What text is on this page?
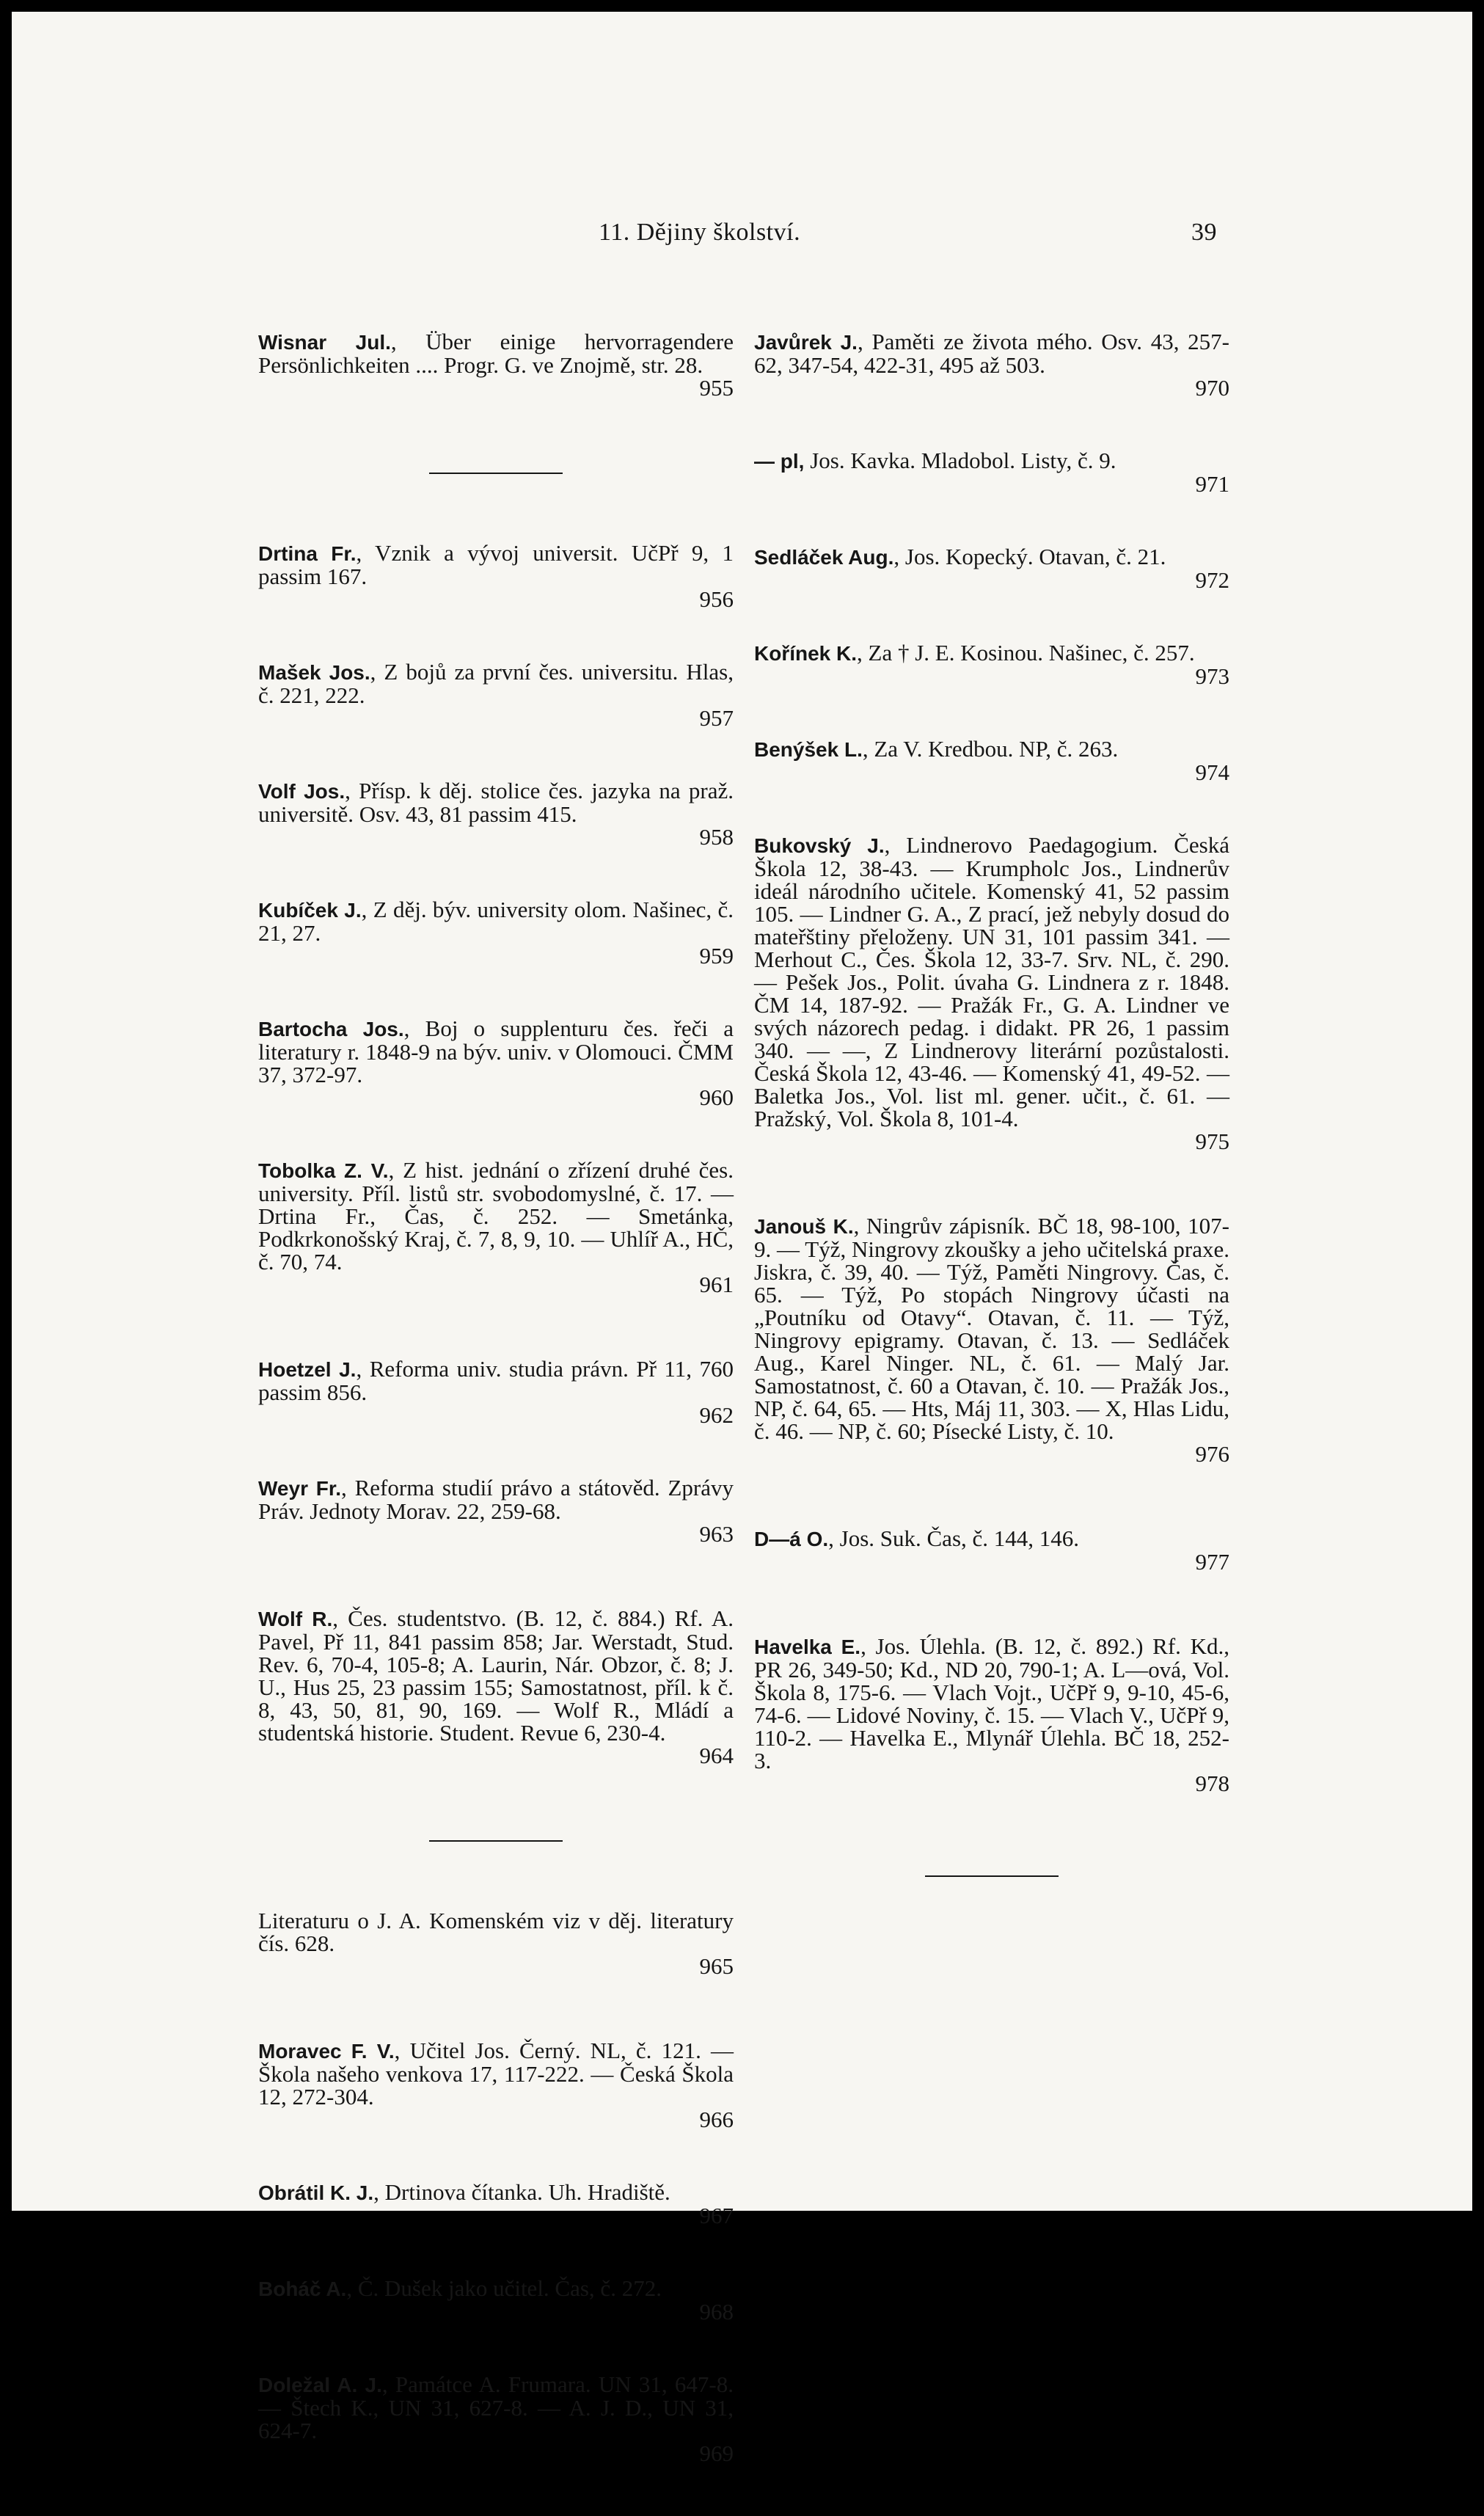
11. Dějiny školství.	39

Wisnar Jul., Über einige hervorragendere Persönlichkeiten .... Progr. G. ve Znojmě, str. 28.
955

Drtina Fr., Vznik a vývoj universit. UčPř 9, 1 passim 167.
956

Mašek Jos., Z bojů za první čes. universitu. Hlas, č. 221, 222.
957

Volf Jos., Přísp. k děj. stolice čes. jazyka na praž. universitě. Osv. 43, 81 passim 415.
958

Kubíček J., Z děj. býv. university olom. Našinec, č. 21, 27.
959

Bartocha Jos., Boj o supplenturu čes. řeči a literatury r. 1848-9 na býv. univ. v Olomouci. ČMM 37, 372-97.
960

Tobolka Z. V., Z hist. jednání o zřízení druhé čes. university. Příl. listů str. svobodomyslné, č. 17. — Drtina Fr., Čas, č. 252. — Smetánka, Podkrkonošský Kraj, č. 7, 8, 9, 10. — Uhlíř A., HČ, č. 70, 74.
961

Hoetzel J., Reforma univ. studia právn. Př 11, 760 passim 856.
962

Weyr Fr., Reforma studií právo a státověd. Zprávy Práv. Jednoty Morav. 22, 259-68.
963

Wolf R., Čes. studentstvo. (B. 12, č. 884.) Rf. A. Pavel, Př 11, 841 passim 858; Jar. Werstadt, Stud. Rev. 6, 70-4, 105-8; A. Laurin, Nár. Obzor, č. 8; J. U., Hus 25, 23 passim 155; Samostatnost, příl. k č. 8, 43, 50, 81, 90, 169. — Wolf R., Mládí a studentská historie. Student. Revue 6, 230-4.
964

Literaturu o J. A. Komenském viz v děj. literatury čís. 628.
965

Moravec F. V., Učitel Jos. Černý. NL, č. 121. — Škola našeho venkova 17, 117-222. — Česká Škola 12, 272-304.
966

Obrátil K. J., Drtinova čítanka. Uh. Hradiště.
967

Boháč A., Č. Dušek jako učitel. Čas, č. 272.
968

Doležal A. J., Památce A. Frumara. UN 31, 647-8. — Štech K., UN 31, 627-8. — A. J. D., UN 31, 624-7.
969

Javůrek J., Paměti ze života mého. Osv. 43, 257-62, 347-54, 422-31, 495 až 503.
970

— pl, Jos. Kavka. Mladobol. Listy, č. 9.
971

Sedláček Aug., Jos. Kopecký. Otavan, č. 21.
972

Kořínek K., Za † J. E. Kosinou. Našinec, č. 257.
973

Benýšek L., Za V. Kredbou. NP, č. 263.
974

Bukovský J., Lindnerovo Paedagogium. Česká Škola 12, 38-43. — Krumpholc Jos., Lindnerův ideál národního učitele. Komenský 41, 52 passim 105. — Lindner G. A., Z prací, jež nebyly dosud do mateřštiny přeloženy. UN 31, 101 passim 341. — Merhout C., Čes. Škola 12, 33-7. Srv. NL, č. 290. — Pešek Jos., Polit. úvaha G. Lindnera z r. 1848. ČM 14, 187-92. — Pražák Fr., G. A. Lindner ve svých názorech pedag. i didakt. PR 26, 1 passim 340. — —, Z Lindnerovy literární pozůstalosti. Česká Škola 12, 43-46. — Komenský 41, 49-52. — Baletka Jos., Vol. list ml. gener. učit., č. 61. — Pražský, Vol. Škola 8, 101-4.
975

Janouš K., Ningrův zápisník. BČ 18, 98-100, 107-9. — Týž, Ningrovy zkoušky a jeho učitelská praxe. Jiskra, č. 39, 40. — Týž, Paměti Ningrovy. Čas, č. 65. — Týž, Po stopách Ningrovy účasti na „Poutníku od Otavy“. Otavan, č. 11. — Týž, Ningrovy epigramy. Otavan, č. 13. — Sedláček Aug., Karel Ninger. NL, č. 61. — Malý Jar. Samostatnost, č. 60 a Otavan, č. 10. — Pražák Jos., NP, č. 64, 65. — Hts, Máj 11, 303. — X, Hlas Lidu, č. 46. — NP, č. 60; Písecké Listy, č. 10.
976

D—á O., Jos. Suk. Čas, č. 144, 146.
977

Havelka E., Jos. Úlehla. (B. 12, č. 892.) Rf. Kd., PR 26, 349-50; Kd., ND 20, 790-1; A. L—ová, Vol. Škola 8, 175-6. — Vlach Vojt., UčPř 9, 9-10, 45-6, 74-6. — Lidové Noviny, č. 15. — Vlach V., UčPř 9, 110-2. — Havelka E., Mlynář Úlehla. BČ 18, 252-3.
978
